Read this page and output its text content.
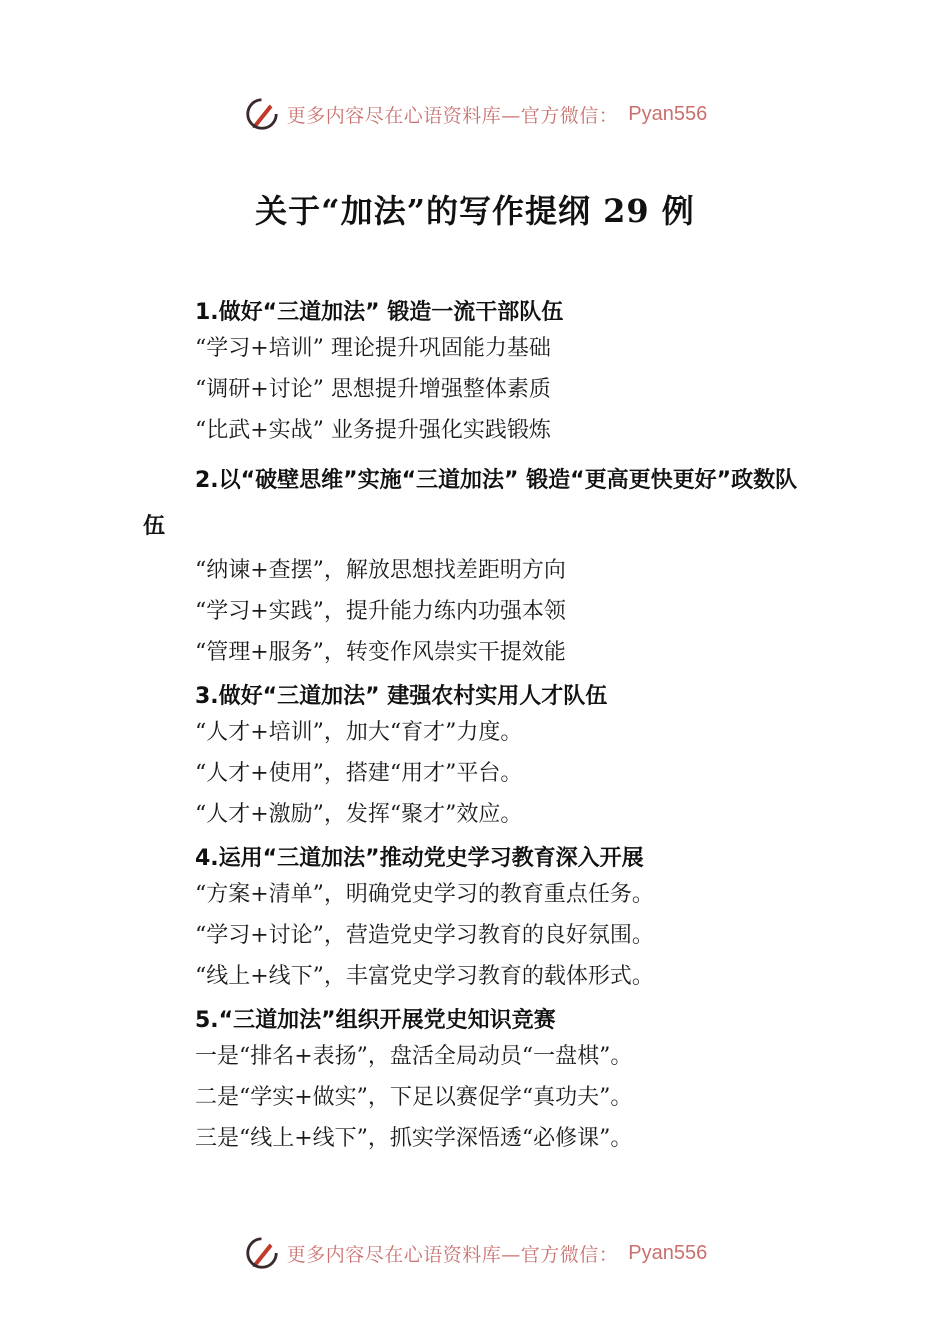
更多内容尽在心语资料库—官方微信： Pyan556
关于“加法”的写作提纲 29 例

1.做好“三道加法” 锻造一流干部队伍

“学习+培训” 理论提升巩固能力基础

“调研+讨论” 思想提升增强整体素质

“比武+实战” 业务提升强化实践锻炼

2.以“破壁思维”实施“三道加法” 锻造“更高更快更好”政数队伍

“纳谏+查摆”，解放思想找差距明方向

“学习+实践”，提升能力练内功强本领

“管理+服务”，转变作风崇实干提效能

3.做好“三道加法” 建强农村实用人才队伍

“人才+培训”，加大“育才”力度。

“人才+使用”，搭建“用才”平台。

“人才+激励”，发挥“聚才”效应。

4.运用“三道加法”推动党史学习教育深入开展

“方案+清单”，明确党史学习的教育重点任务。

“学习+讨论”，营造党史学习教育的良好氛围。

“线上+线下”，丰富党史学习教育的载体形式。

5.“三道加法”组织开展党史知识竞赛

一是“排名+表扬”，盘活全局动员“一盘棋”。

二是“学实+做实”，下足以赛促学“真功夫”。

三是“线上+线下”，抓实学深悟透“必修课”。

更多内容尽在心语资料库—官方微信： Pyan556
